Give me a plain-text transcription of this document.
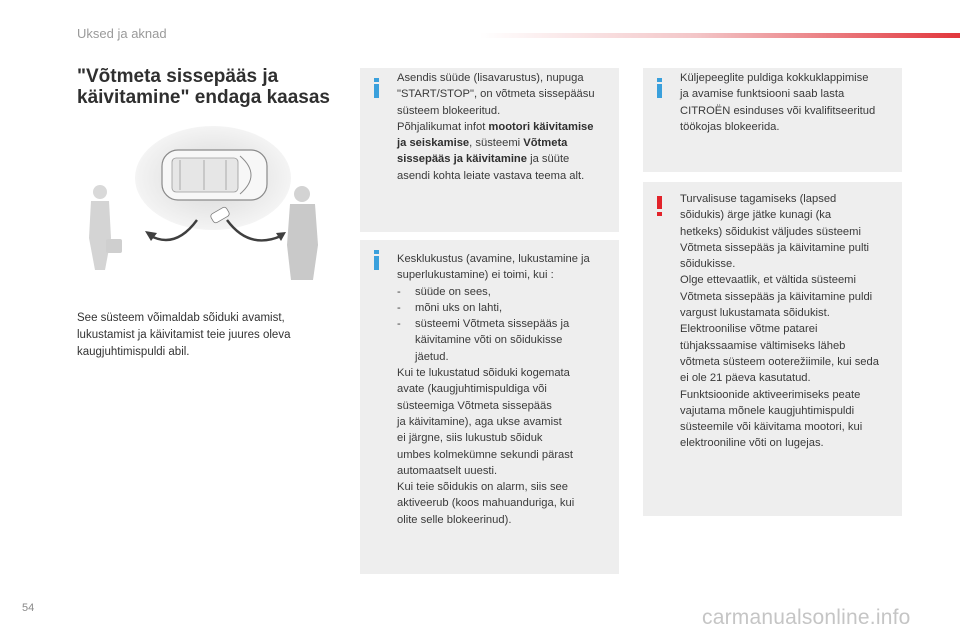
Uksed ja aknad
"Võtmeta sissepääs ja
käivitamine" endaga kaasas
See süsteem võimaldab sõiduki avamist,
lukustamist ja käivitamist teie juures oleva
kaugjuhtimispuldi abil.

Asendis süüde (lisavarustus), nupuga

"START/STOP", on võtmeta sissepääsu

süsteem blokeeritud.

Põhjalikumat infot mootori käivitamise

ja seiskamise, süsteemi Võtmeta

sissepääs ja käivitamine ja süüte

asendi kohta leiate vastava teema alt.

Kesklukustus (avamine, lukustamine ja

superlukustamine) ei toimi, kui :

-	süüde on sees,
-	mõni uks on lahti,
-	süsteemi Võtmeta sissepääs ja
käivitamine võti on sõidukisse
jäetud.

Kui te lukustatud sõiduki kogemata

avate (kaugjuhtimispuldiga või

süsteemiga Võtmeta sissepääs

ja käivitamine), aga ukse avamist

ei järgne, siis lukustub sõiduk

umbes kolmekümne sekundi pärast

automaatselt uuesti.

Kui teie sõidukis on alarm, siis see

aktiveerub (koos mahuanduriga, kui

olite selle blokeerinud).

Küljepeeglite puldiga kokkuklappimise

ja avamise funktsiooni saab lasta

CITROËN esinduses või kvalifitseeritud

töökojas blokeerida.

Turvalisuse tagamiseks (lapsed

sõidukis) ärge jätke kunagi (ka

hetkeks) sõidukist väljudes süsteemi

Võtmeta sissepääs ja käivitamine pulti

sõidukisse.

Olge ettevaatlik, et vältida süsteemi

Võtmeta sissepääs ja käivitamine puldi

vargust lukustamata sõidukist.

Elektroonilise võtme patarei

tühjakssaamise vältimiseks läheb

võtmeta süsteem ooterežiimile, kui seda

ei ole 21 päeva kasutatud.

Funktsioonide aktiveerimiseks peate

vajutama mõnele kaugjuhtimispuldi

süsteemile või käivitama mootori, kui

elektrooniline võti on lugejas.

54	carmanualsonline.info
